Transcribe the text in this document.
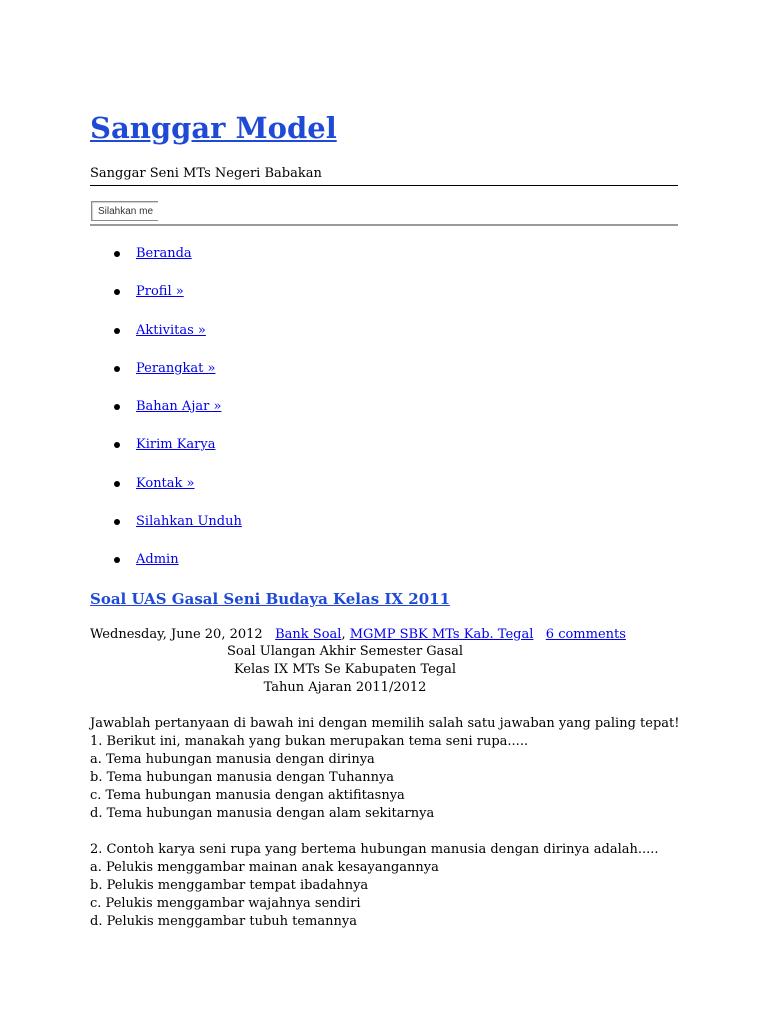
Sanggar Model
Sanggar Seni MTs Negeri Babakan
Silahkan me
Beranda
Profil »
Aktivitas »
Perangkat »
Bahan Ajar »
Kirim Karya
Kontak »
Silahkan Unduh
Admin
Soal UAS Gasal Seni Budaya Kelas IX 2011
Wednesday, June 20, 2012 Bank Soal, MGMP SBK MTs Kab. Tegal 6 comments
Soal Ulangan Akhir Semester Gasal
Kelas IX MTs Se Kabupaten Tegal
Tahun Ajaran 2011/2012
Jawablah pertanyaan di bawah ini dengan memilih salah satu jawaban yang paling tepat!
1. Berikut ini, manakah yang bukan merupakan tema seni rupa.....
a. Tema hubungan manusia dengan dirinya
b. Tema hubungan manusia dengan Tuhannya
c. Tema hubungan manusia dengan aktifitasnya
d. Tema hubungan manusia dengan alam sekitarnya
2. Contoh karya seni rupa yang bertema hubungan manusia dengan dirinya adalah.....
a. Pelukis menggambar mainan anak kesayangannya
b. Pelukis menggambar tempat ibadahnya
c. Pelukis menggambar wajahnya sendiri
d. Pelukis menggambar tubuh temannya
